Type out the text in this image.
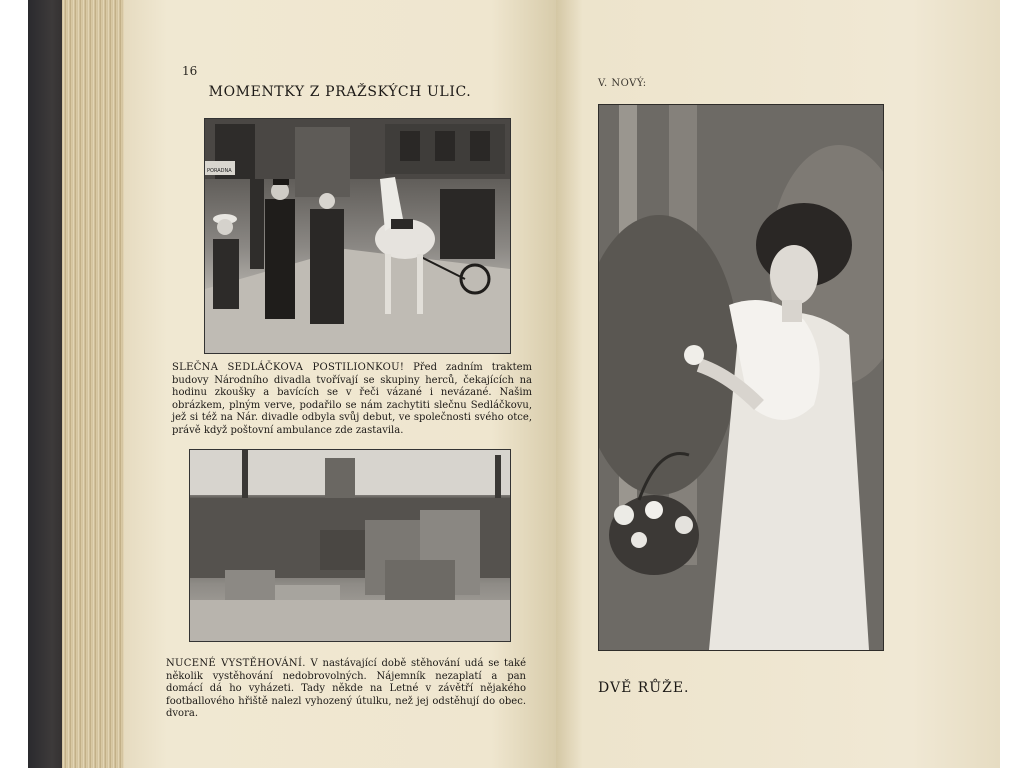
16
MOMENTKY Z PRAŽSKÝCH ULIC.
PORADNA

SLEČNA SEDLÁČKOVA POSTILIONKOU! Před zadním traktem budovy Národního divadla tvořívají se skupiny herců, čekajících na hodinu zkoušky a bavících se v řeči vázané i nevázané. Našim obrázkem, plným verve, podařilo se nám zachytiti slečnu Sedláčkovu, jež si též na Nár. divadle odbyla svůj debut, ve společnosti svého otce, právě když poštovní ambulance zde zastavila.

NUCENÉ VYSTĚHOVÁNÍ. V nastávající době stěhování udá se také několik vystěhování nedobrovolných. Nájemník nezaplatí a pan domácí dá ho vyházeti. Tady někde na Letné v závětří nějakého footballového hřiště nalezl vyhozený útulku, než jej odstěhují do obec. dvora.

V. NOVÝ:
DVĚ RŮŽE.
